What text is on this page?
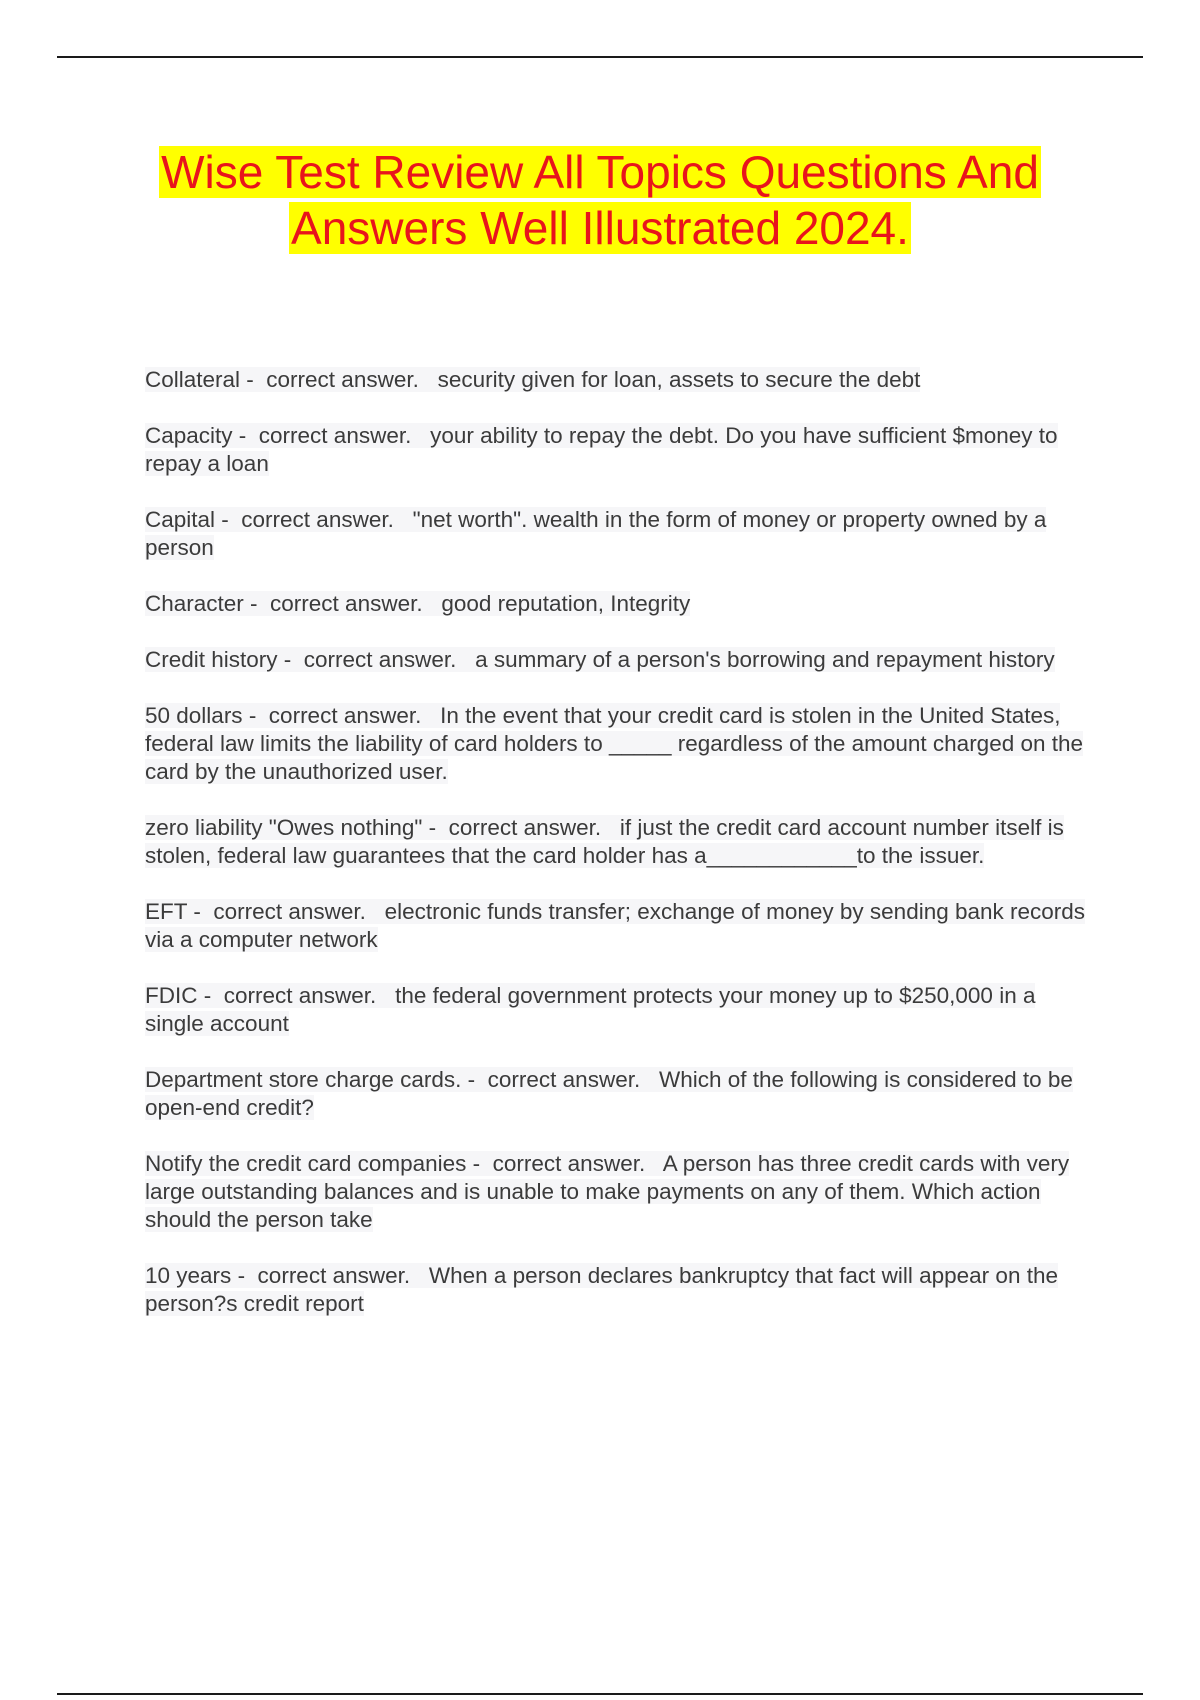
Wise Test Review All Topics Questions And
Answers Well Illustrated 2024.
Collateral -  correct answer.   security given for loan, assets to secure the debt
Capacity -  correct answer.   your ability to repay the debt. Do you have sufficient $money to repay a loan
Capital -  correct answer.   "net worth". wealth in the form of money or property owned by a person
Character -  correct answer.   good reputation, Integrity
Credit history -  correct answer.   a summary of a person's borrowing and repayment history
50 dollars -  correct answer.   In the event that your credit card is stolen in the United States, federal law limits the liability of card holders to _____ regardless of the amount charged on the card by the unauthorized user.
zero liability "Owes nothing" -  correct answer.   if just the credit card account number itself is stolen, federal law guarantees that the card holder has a____________to the issuer.
EFT -  correct answer.   electronic funds transfer; exchange of money by sending bank records via a computer network
FDIC -  correct answer.   the federal government protects your money up to $250,000 in a single account
Department store charge cards. -  correct answer.   Which of the following is considered to be open-end credit?
Notify the credit card companies -  correct answer.   A person has three credit cards with very large outstanding balances and is unable to make payments on any of them. Which action should the person take
10 years -  correct answer.   When a person declares bankruptcy that fact will appear on the person?s credit report
